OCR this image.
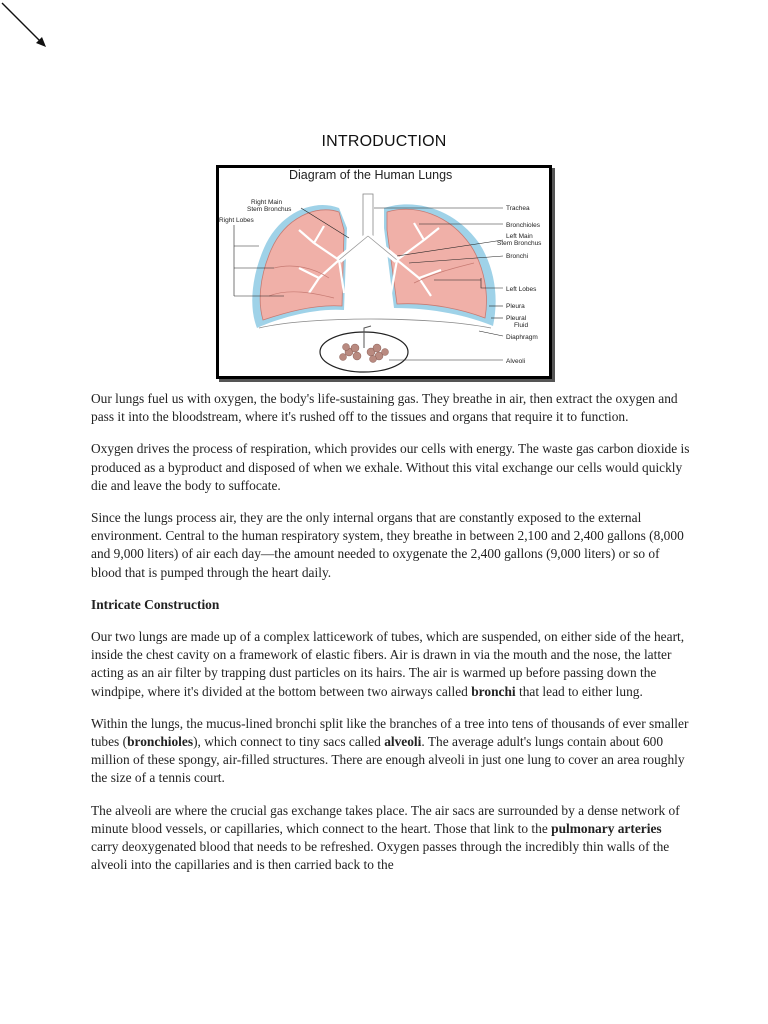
INTRODUCTION
Diagram of the Human Lungs
Right Main
Stem Bronchus
Right Lobes
Trachea
Bronchioles
Left Main
Stem Bronchus
Bronchi
Left Lobes
Pleura
Pleural
Fluid
Diaphragm
Alveoli

Our lungs fuel us with oxygen, the body's life-sustaining gas. They breathe in air, then extract the oxygen and pass it into the bloodstream, where it's rushed off to the tissues and organs that require it to function.

Oxygen drives the process of respiration, which provides our cells with energy. The waste gas carbon dioxide is produced as a byproduct and disposed of when we exhale. Without this vital exchange our cells would quickly die and leave the body to suffocate.

Since the lungs process air, they are the only internal organs that are constantly exposed to the external environment. Central to the human respiratory system, they breathe in between 2,100 and 2,400 gallons (8,000 and 9,000 liters) of air each day—the amount needed to oxygenate the 2,400 gallons (9,000 liters) or so of blood that is pumped through the heart daily.

Intricate Construction

Our two lungs are made up of a complex latticework of tubes, which are suspended, on either side of the heart, inside the chest cavity on a framework of elastic fibers. Air is drawn in via the mouth and the nose, the latter acting as an air filter by trapping dust particles on its hairs. The air is warmed up before passing down the windpipe, where it's divided at the bottom between two airways called bronchi that lead to either lung.

Within the lungs, the mucus-lined bronchi split like the branches of a tree into tens of thousands of ever smaller tubes (bronchioles), which connect to tiny sacs called alveoli. The average adult's lungs contain about 600 million of these spongy, air-filled structures. There are enough alveoli in just one lung to cover an area roughly the size of a tennis court.

The alveoli are where the crucial gas exchange takes place. The air sacs are surrounded by a dense network of minute blood vessels, or capillaries, which connect to the heart. Those that link to the pulmonary arteries carry deoxygenated blood that needs to be refreshed. Oxygen passes through the incredibly thin walls of the alveoli into the capillaries and is then carried back to the
